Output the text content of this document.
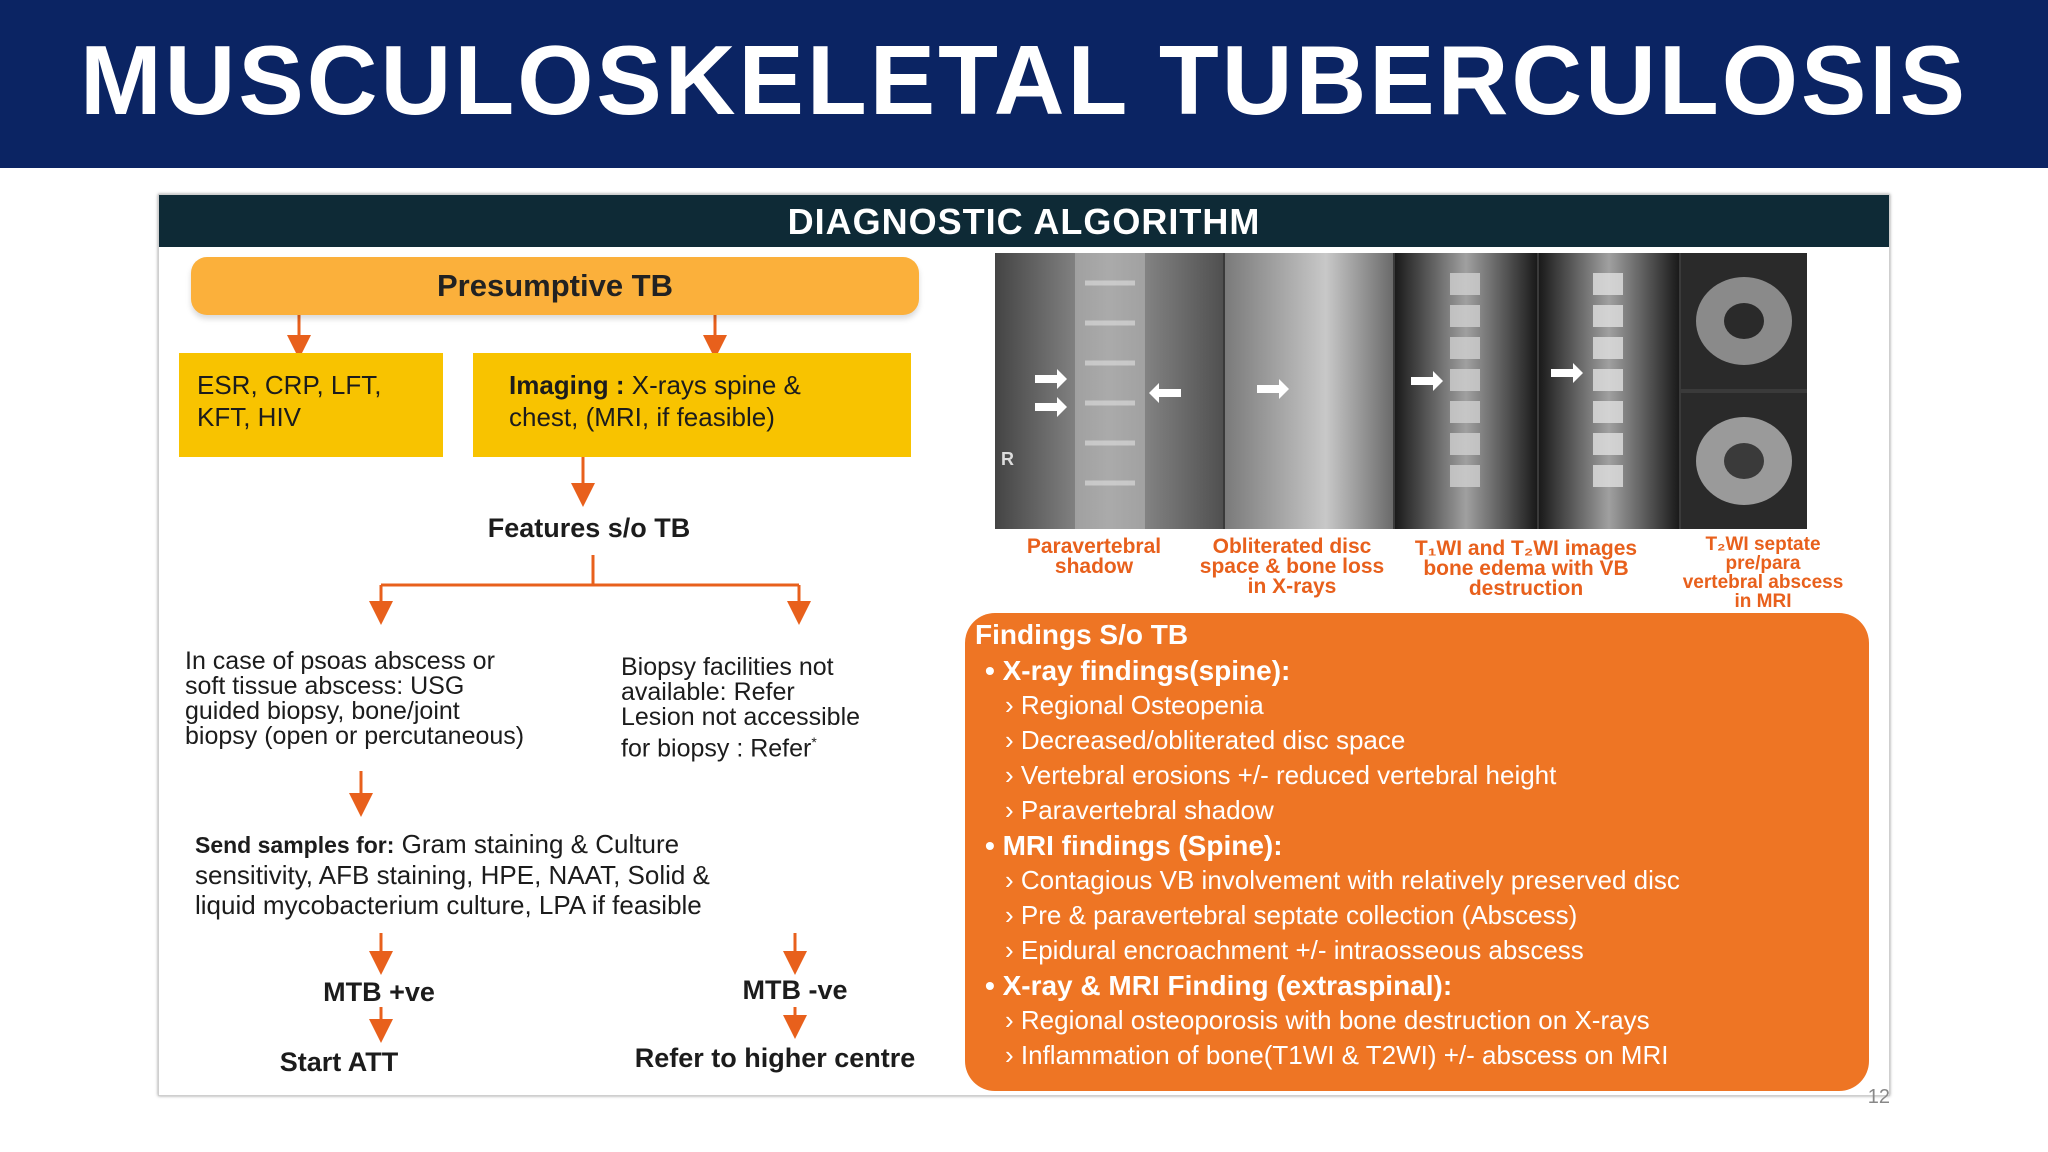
MUSCULOSKELETAL TUBERCULOSIS
DIAGNOSTIC ALGORITHM
Presumptive TB
ESR, CRP, LFT,
KFT, HIV
Imaging : X-rays spine &
chest, (MRI, if feasible)
Features s/o TB
In case of psoas abscess or
soft tissue abscess: USG
guided biopsy, bone/joint
biopsy (open or percutaneous)
Biopsy facilities not
available: Refer
Lesion not accessible
for biopsy : Refer*
Send samples for: Gram staining & Culture
sensitivity, AFB staining, HPE, NAAT, Solid &
liquid mycobacterium culture, LPA if feasible
MTB +ve	MTB -ve
Start ATT	Refer to higher centre
R
Paravertebral
shadow
Obliterated disc
space & bone loss
in X-rays
T₁WI and T₂WI images
bone edema with VB
destruction
T₂WI septate
pre/para
vertebral abscess
in MRI
Findings S/o TB
• X-ray findings(spine):
› Regional Osteopenia
› Decreased/obliterated disc space
› Vertebral erosions +/- reduced vertebral height
› Paravertebral shadow
• MRI findings (Spine):
› Contagious VB involvement with relatively preserved disc
› Pre & paravertebral septate collection (Abscess)
› Epidural encroachment +/- intraosseous abscess
• X-ray & MRI Finding (extraspinal):
› Regional osteoporosis with bone destruction on X-rays
› Inflammation of bone(T1WI & T2WI) +/- abscess on MRI
12
